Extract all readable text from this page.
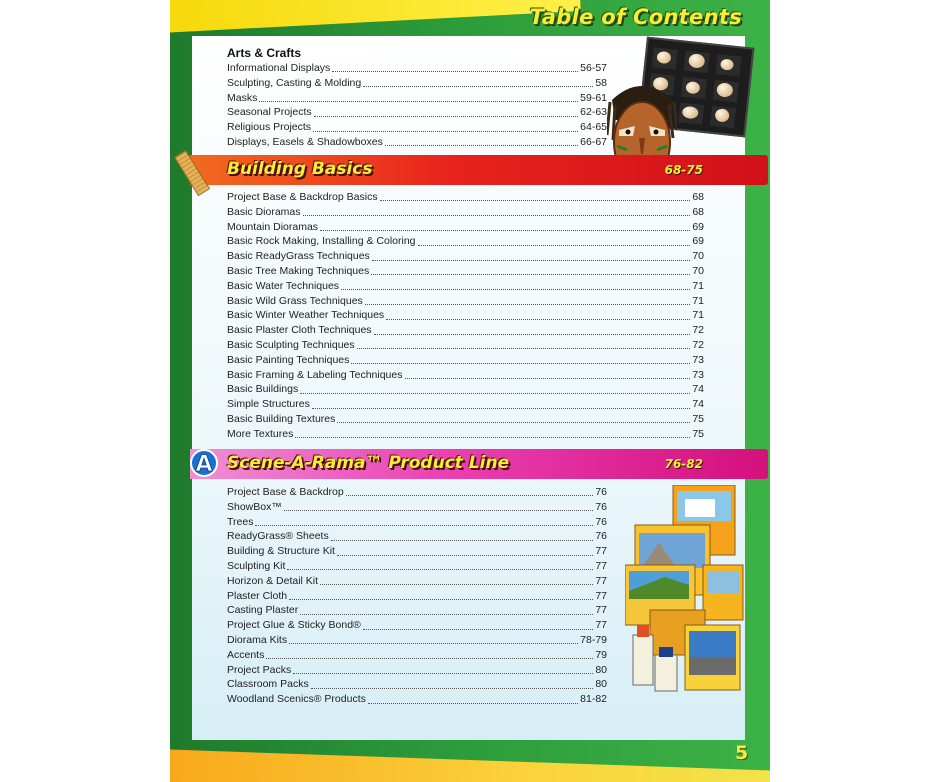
Table of Contents
Arts & Crafts
Informational Displays	56-57
Sculpting, Casting & Molding	58
Masks	59-61
Seasonal Projects	62-63
Religious Projects	64-65
Displays, Easels & Shadowboxes	66-67
Building Basics	68-75
Project Base & Backdrop Basics	68
Basic Dioramas	68
Mountain Dioramas	69
Basic Rock Making, Installing & Coloring	69
Basic ReadyGrass Techniques	70
Basic Tree Making Techniques	70
Basic Water Techniques	71
Basic Wild Grass Techniques	71
Basic Winter Weather Techniques	71
Basic Plaster Cloth Techniques	72
Basic Sculpting Techniques	72
Basic Painting Techniques	73
Basic Framing & Labeling Techniques	73
Basic Buildings	74
Simple Structures	74
Basic Building Textures	75
More Textures	75
Scene-A-Rama™ Product Line	76-82
A
Project Base & Backdrop	76
ShowBox™	76
Trees	76
ReadyGrass® Sheets	76
Building & Structure Kit	77
Sculpting Kit	77
Horizon & Detail Kit	77
Plaster Cloth	77
Casting Plaster	77
Project Glue & Sticky Bond®	77
Diorama Kits	78-79
Accents	79
Project Packs	80
Classroom Packs	80
Woodland Scenics® Products	81-82
5
